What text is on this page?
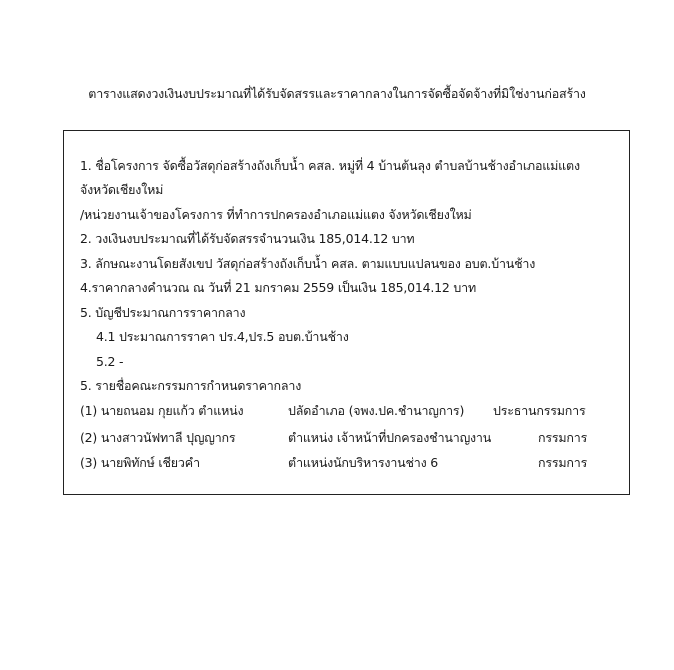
ตารางแสดงวงเงินงบประมาณที่ได้รับจัดสรรและราคากลางในการจัดซื้อจัดจ้างที่มิใช่งานก่อสร้าง
1. ชื่อโครงการ จัดซื้อวัสดุก่อสร้างถังเก็บน้ำ คสล. หมู่ที่ 4 บ้านต้นลุง ตำบลบ้านช้างอำเภอแม่แตง
จังหวัดเชียงใหม่
/หน่วยงานเจ้าของโครงการ ที่ทำการปกครองอำเภอแม่แตง จังหวัดเชียงใหม่
2. วงเงินงบประมาณที่ได้รับจัดสรรจำนวนเงิน 185,014.12 บาท
3. ลักษณะงานโดยสังเขป วัสดุก่อสร้างถังเก็บน้ำ คสล. ตามแบบแปลนของ อบต.บ้านช้าง
4.ราคากลางคำนวณ ณ วันที่ 21 มกราคม 2559 เป็นเงิน 185,014.12 บาท
5. บัญชีประมาณการราคากลาง
4.1 ประมาณการราคา ปร.4,ปร.5 อบต.บ้านช้าง
5.2 -
5. รายชื่อคณะกรรมการกำหนดราคากลาง
(1) นายถนอม กุยแก้ว ตำแหน่ง	ปลัดอำเภอ (จพง.ปค.ชำนาญการ) ประธานกรรมการ
(2) นางสาวนัฟทาลี ปุญญากร	ตำแหน่ง เจ้าหน้าที่ปกครองชำนาญงาน	กรรมการ
(3) นายพิทักษ์ เชียวคำ	ตำแหน่งนักบริหารงานช่าง 6	กรรมการ
